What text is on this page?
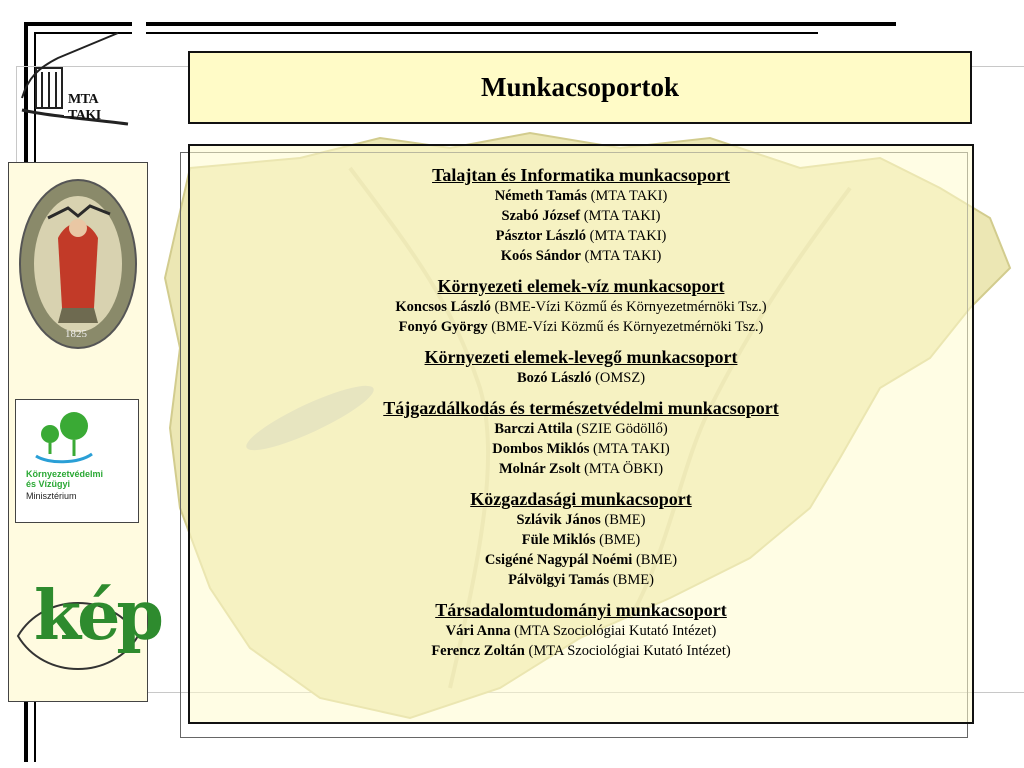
MTA TAKI
1825
Környezetvédelmi
és Vízügyi
Minisztérium
kép
Munkacsoportok
Talajtan és Informatika munkacsoport
Németh Tamás (MTA TAKI)
Szabó József (MTA TAKI)
Pásztor László (MTA TAKI)
Koós Sándor (MTA TAKI)
Környezeti elemek-víz munkacsoport
Koncsos László (BME-Vízi Közmű és Környezetmérnöki Tsz.)
Fonyó György (BME-Vízi Közmű és Környezetmérnöki Tsz.)
Környezeti elemek-levegő munkacsoport
Bozó László (OMSZ)
Tájgazdálkodás és természetvédelmi munkacsoport
Barczi Attila (SZIE Gödöllő)
Dombos Miklós (MTA TAKI)
Molnár Zsolt (MTA ÖBKI)
Közgazdasági munkacsoport
Szlávik János (BME)
Füle Miklós (BME)
Csigéné Nagypál Noémi (BME)
Pálvölgyi Tamás (BME)
Társadalomtudományi munkacsoport
Vári Anna (MTA Szociológiai Kutató Intézet)
Ferencz Zoltán (MTA Szociológiai Kutató Intézet)
